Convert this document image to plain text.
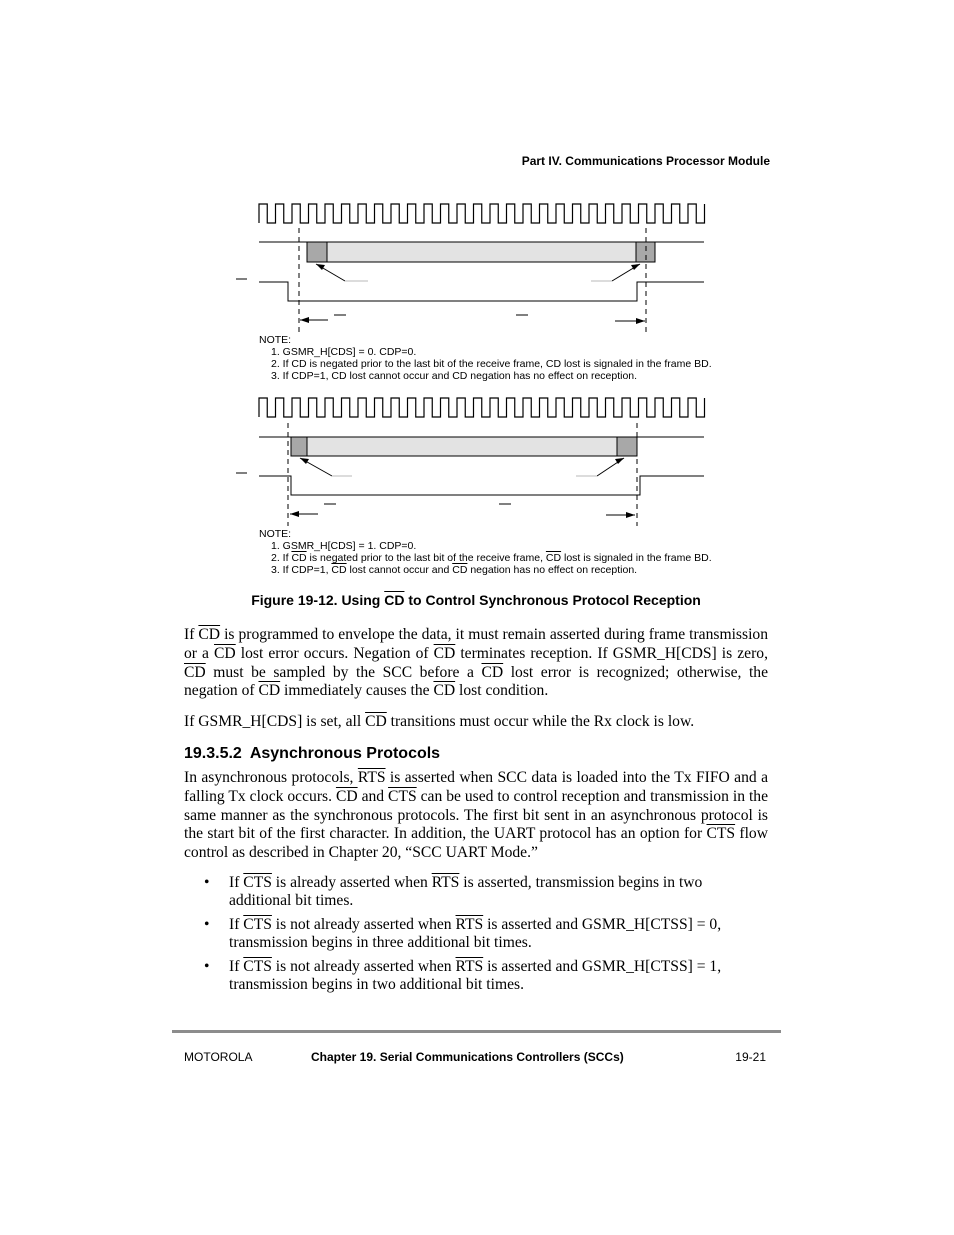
Part IV. Communications Processor Module
NOTE:
1. GSMR_H[CDS] = 0. CDP=0.
2. If CD is negated prior to the last bit of the receive frame, CD lost is signaled in the frame BD.
3. If CDP=1, CD lost cannot occur and CD negation has no effect on reception.
NOTE:
1. GSMR_H[CDS] = 1. CDP=0.
2. If $\overline{CD}$ is negated prior to the last bit of the receive frame, $\overline{CD}$ lost is signaled in the frame BD.
3. If CDP=1, $\overline{CD}$ lost cannot occur and $\overline{CD}$ negation has no effect on reception.
Figure 19-12. Using $\overline{CD}$ to Control Synchronous Protocol Reception

If $\overline{CD}$ is programmed to envelope the data, it must remain asserted during frame transmission or a $\overline{CD}$ lost error occurs. Negation of $\overline{CD}$ terminates reception. If GSMR_H[CDS] is zero, $\overline{CD}$ must be sampled by the SCC before a $\overline{CD}$ lost error is recognized; otherwise, the negation of $\overline{CD}$ immediately causes the $\overline{CD}$ lost condition.

If GSMR_H[CDS] is set, all $\overline{CD}$ transitions must occur while the Rx clock is low.

19.3.5.2 Asynchronous Protocols

In asynchronous protocols, $\overline{RTS}$ is asserted when SCC data is loaded into the Tx FIFO and a falling Tx clock occurs. $\overline{CD}$ and $\overline{CTS}$ can be used to control reception and transmission in the same manner as the synchronous protocols. The first bit sent in an asynchronous protocol is the start bit of the first character. In addition, the UART protocol has an option for $\overline{CTS}$ flow control as described in Chapter 20, “SCC UART Mode.”

• If $\overline{CTS}$ is already asserted when $\overline{RTS}$ is asserted, transmission begins in two additional bit times.
• If $\overline{CTS}$ is not already asserted when $\overline{RTS}$ is asserted and GSMR_H[CTSS] = 0, transmission begins in three additional bit times.
• If $\overline{CTS}$ is not already asserted when $\overline{RTS}$ is asserted and GSMR_H[CTSS] = 1, transmission begins in two additional bit times.
MOTOROLA	Chapter 19. Serial Communications Controllers (SCCs)	19-21
